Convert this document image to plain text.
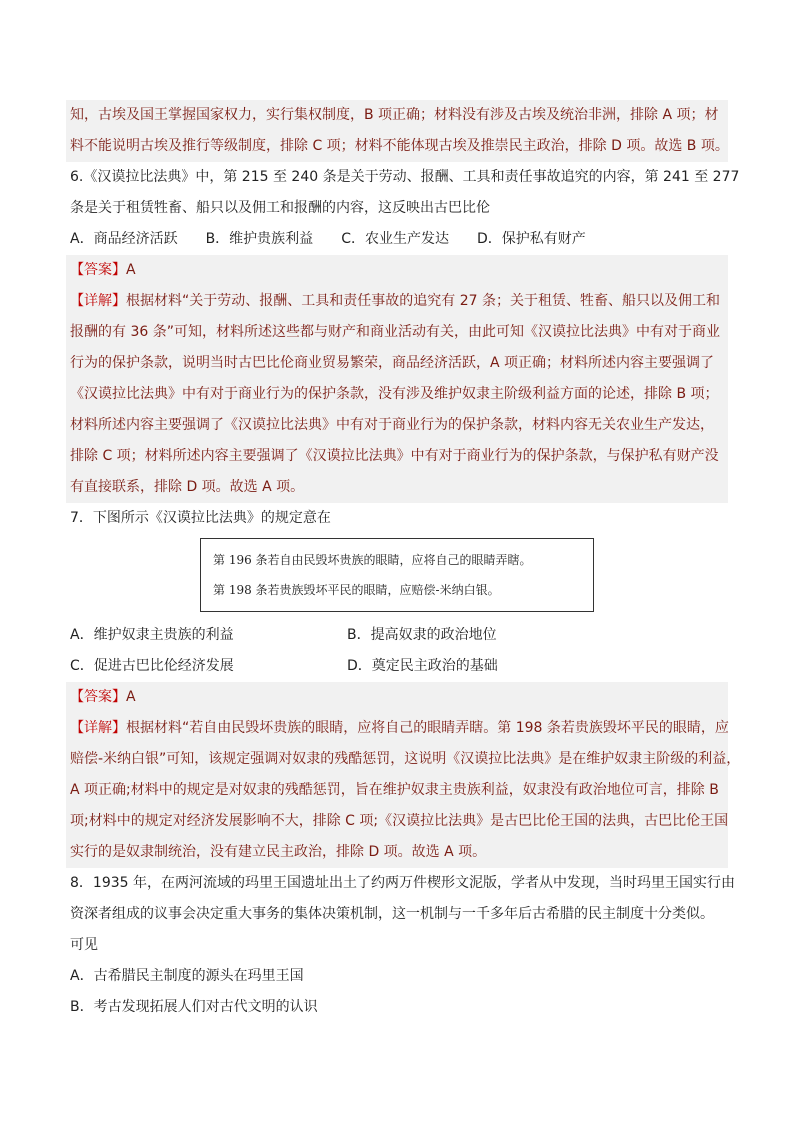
知，古埃及国王掌握国家权力，实行集权制度，B 项正确；材料没有涉及古埃及统治非洲，排除 A 项；材
料不能说明古埃及推行等级制度，排除 C 项；材料不能体现古埃及推崇民主政治，排除 D 项。故选 B 项。
6.《汉谟拉比法典》中，第 215 至 240 条是关于劳动、报酬、工具和责任事故追究的内容，第 241 至 277
条是关于租赁牲畜、船只以及佣工和报酬的内容，这反映出古巴比伦
A．商品经济活跃 B．维护贵族利益 C．农业生产发达 D．保护私有财产
【答案】A
【详解】根据材料“关于劳动、报酬、工具和责任事故的追究有 27 条；关于租赁、牲畜、船只以及佣工和
报酬的有 36 条”可知，材料所述这些都与财产和商业活动有关，由此可知《汉谟拉比法典》中有对于商业
行为的保护条款，说明当时古巴比伦商业贸易繁荣，商品经济活跃，A 项正确；材料所述内容主要强调了
《汉谟拉比法典》中有对于商业行为的保护条款，没有涉及维护奴隶主阶级利益方面的论述，排除 B 项；
材料所述内容主要强调了《汉谟拉比法典》中有对于商业行为的保护条款，材料内容无关农业生产发达，
排除 C 项；材料所述内容主要强调了《汉谟拉比法典》中有对于商业行为的保护条款，与保护私有财产没
有直接联系，排除 D 项。故选 A 项。
7．下图所示《汉谟拉比法典》的规定意在
第 196 条若自由民毁坏贵族的眼睛，应将自己的眼睛弄瞎。
第 198 条若贵族毁坏平民的眼睛，应赔偿-米纳白银。
A．维护奴隶主贵族的利益	B．提高奴隶的政治地位
C．促进古巴比伦经济发展	D．奠定民主政治的基础
【答案】A
【详解】根据材料“若自由民毁坏贵族的眼睛，应将自己的眼睛弄瞎。第 198 条若贵族毁坏平民的眼睛，应
赔偿-米纳白银”可知，该规定强调对奴隶的残酷惩罚，这说明《汉谟拉比法典》是在维护奴隶主阶级的利益，
A 项正确;材料中的规定是对奴隶的残酷惩罚，旨在维护奴隶主贵族利益，奴隶没有政治地位可言，排除 B
项;材料中的规定对经济发展影响不大，排除 C 项;《汉谟拉比法典》是古巴比伦王国的法典，古巴比伦王国
实行的是奴隶制统治，没有建立民主政治，排除 D 项。故选 A 项。
8．1935 年，在两河流域的玛里王国遗址出土了约两万件楔形文泥版，学者从中发现，当时玛里王国实行由
资深者组成的议事会决定重大事务的集体决策机制，这一机制与一千多年后古希腊的民主制度十分类似。
可见
A．古希腊民主制度的源头在玛里王国
B．考古发现拓展人们对古代文明的认识
